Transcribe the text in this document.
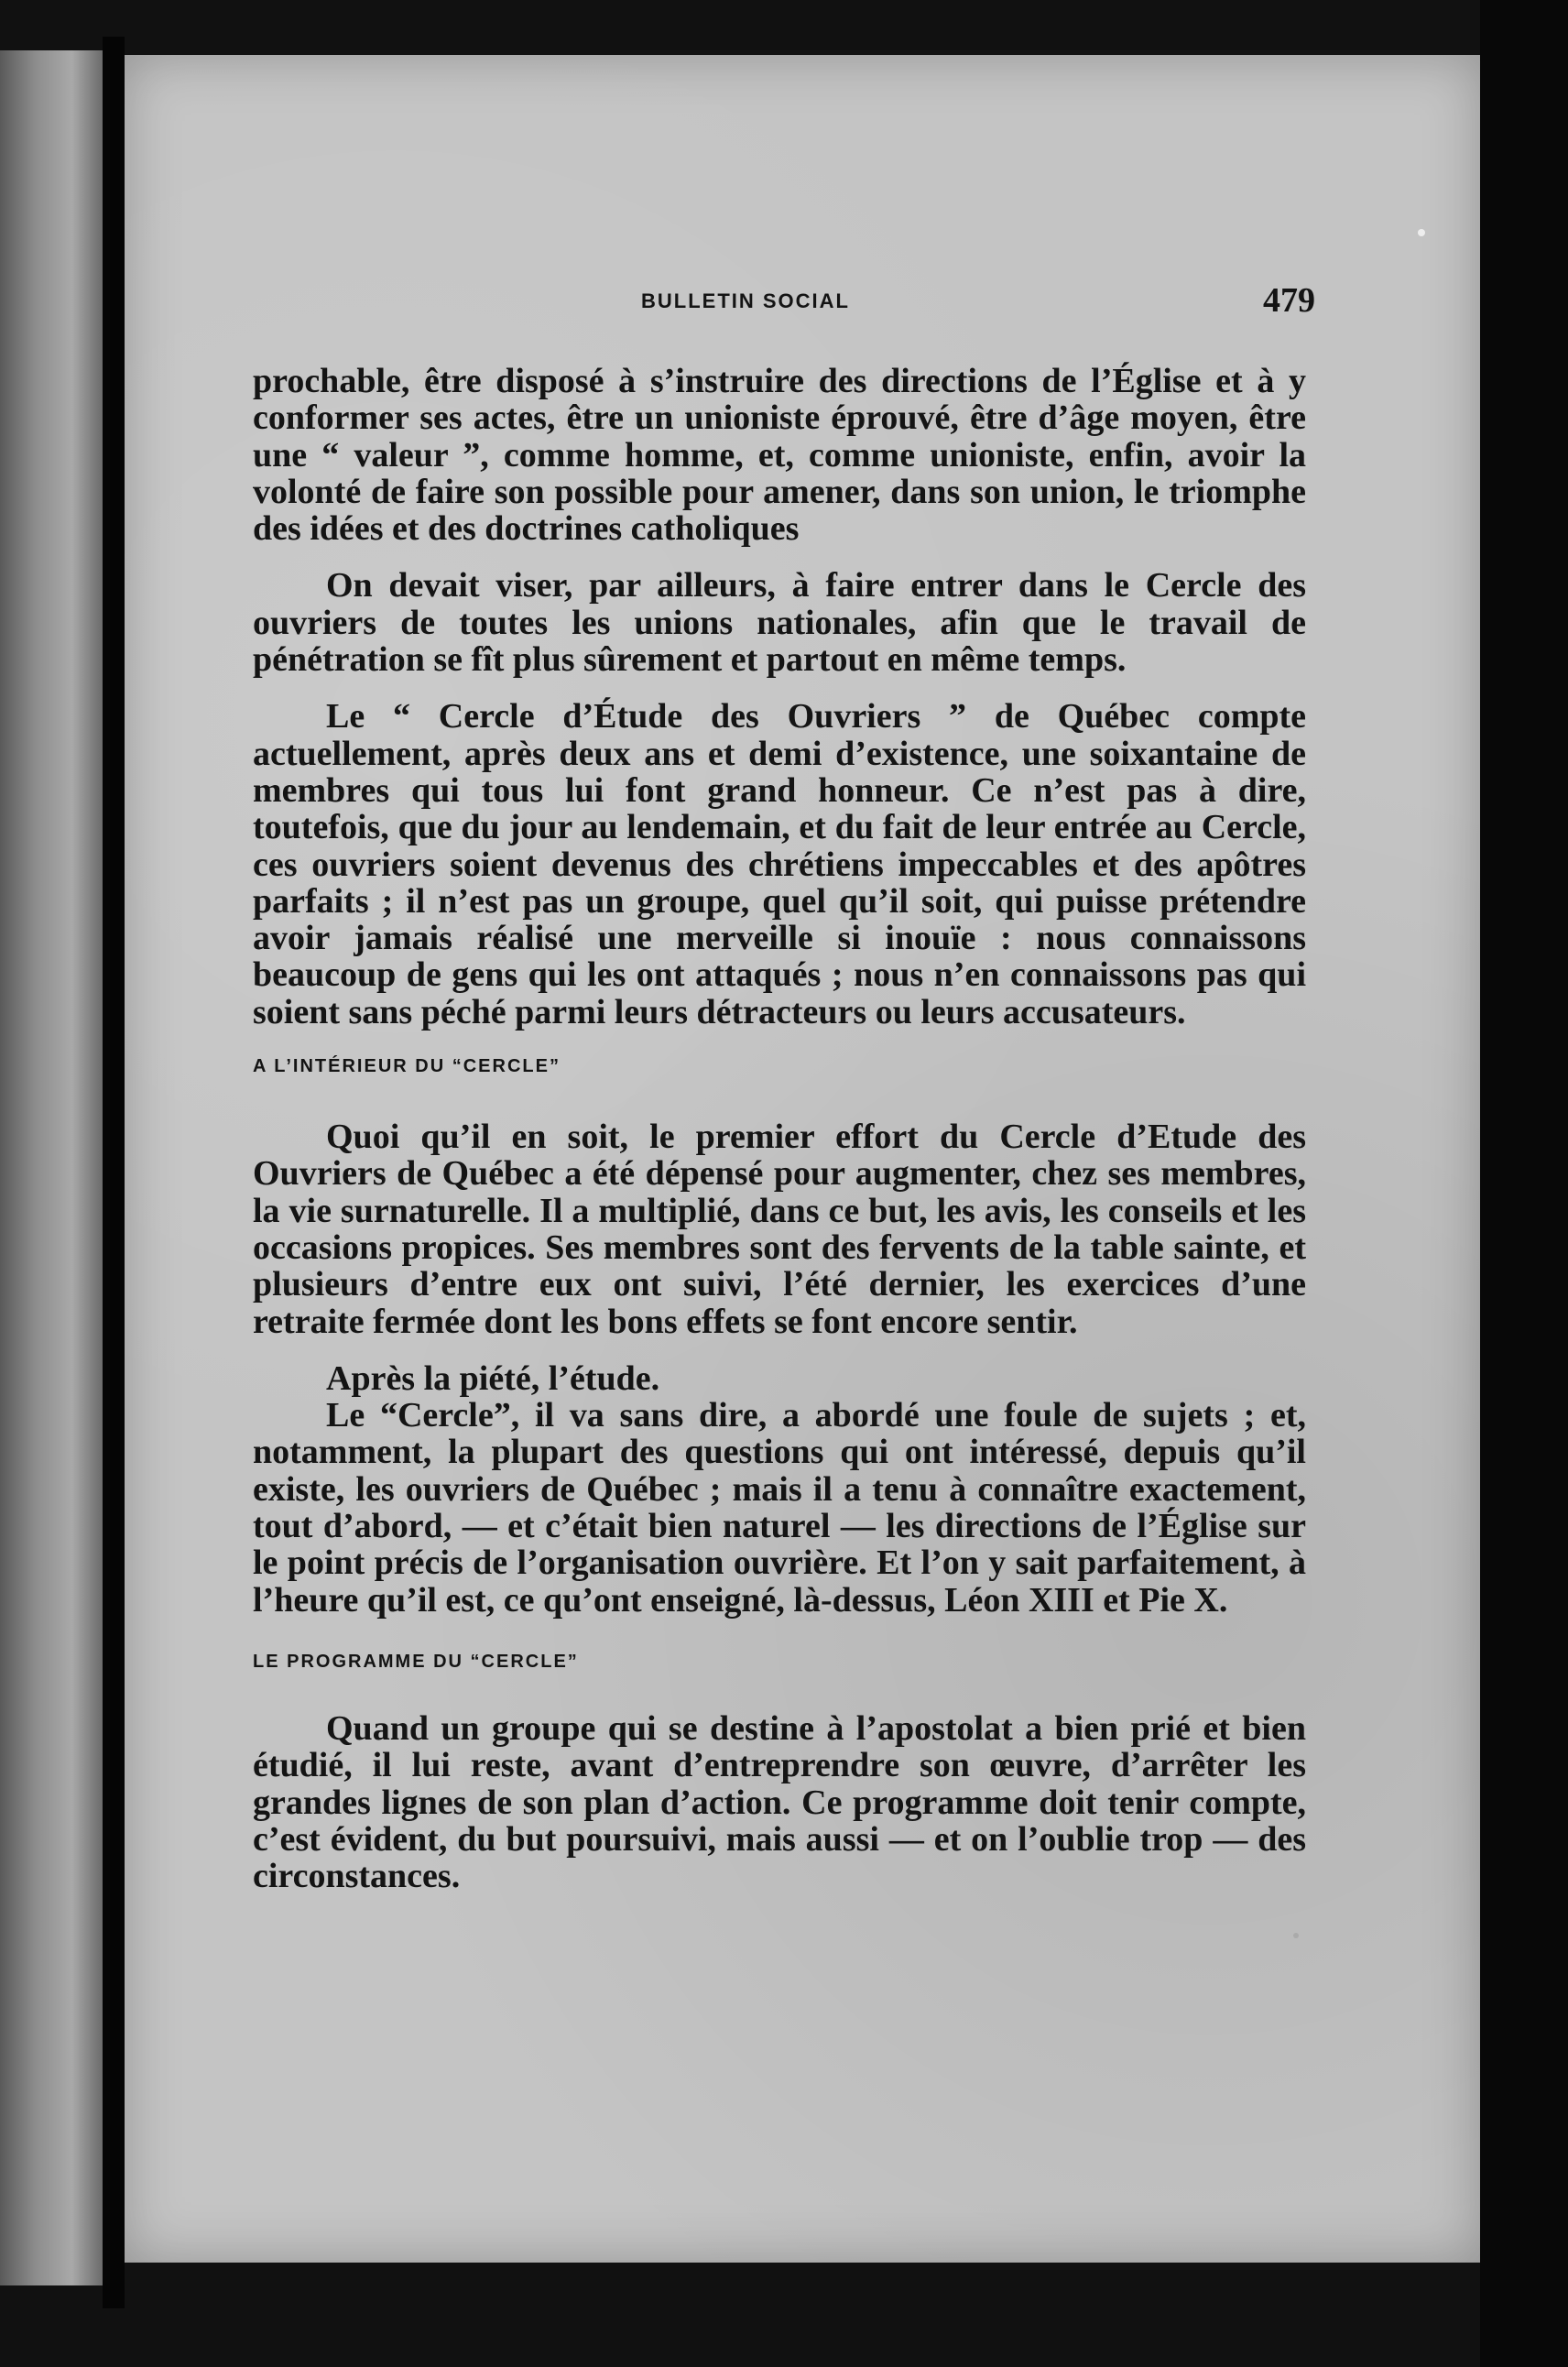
BULLETIN SOCIAL	479

prochable, être disposé à s’instruire des directions de l’Église et à y conformer ses actes, être un unioniste éprouvé, être d’âge moyen, être une “ valeur ”, comme homme, et, comme unioniste, enfin, avoir la volonté de faire son possible pour amener, dans son union, le triomphe des idées et des doctrines catholiques

On devait viser, par ailleurs, à faire entrer dans le Cercle des ouvriers de toutes les unions nationales, afin que le travail de pénétration se fît plus sûrement et partout en même temps.

Le “ Cercle d’Étude des Ouvriers ” de Québec compte actuellement, après deux ans et demi d’existence, une soixantaine de membres qui tous lui font grand honneur. Ce n’est pas à dire, toutefois, que du jour au lendemain, et du fait de leur entrée au Cercle, ces ouvriers soient devenus des chrétiens impeccables et des apôtres parfaits ; il n’est pas un groupe, quel qu’il soit, qui puisse prétendre avoir jamais réalisé une merveille si inouïe : nous connaissons beaucoup de gens qui les ont attaqués ; nous n’en connaissons pas qui soient sans péché parmi leurs détracteurs ou leurs accusateurs.

A L’INTÉRIEUR DU “CERCLE”

Quoi qu’il en soit, le premier effort du Cercle d’Etude des Ouvriers de Québec a été dépensé pour augmenter, chez ses membres, la vie surnaturelle. Il a multiplié, dans ce but, les avis, les conseils et les occasions propices. Ses membres sont des fervents de la table sainte, et plusieurs d’entre eux ont suivi, l’été dernier, les exercices d’une retraite fermée dont les bons effets se font encore sentir.

Après la piété, l’étude.

Le “Cercle”, il va sans dire, a abordé une foule de sujets ; et, notamment, la plupart des questions qui ont intéressé, depuis qu’il existe, les ouvriers de Québec ; mais il a tenu à connaître exactement, tout d’abord, — et c’était bien naturel — les directions de l’Église sur le point précis de l’organisation ouvrière. Et l’on y sait parfaitement, à l’heure qu’il est, ce qu’ont enseigné, là-dessus, Léon XIII et Pie X.

LE PROGRAMME DU “CERCLE”

Quand un groupe qui se destine à l’apostolat a bien prié et bien étudié, il lui reste, avant d’entreprendre son œuvre, d’arrêter les grandes lignes de son plan d’action. Ce programme doit tenir compte, c’est évident, du but poursuivi, mais aussi — et on l’oublie trop — des circonstances.
